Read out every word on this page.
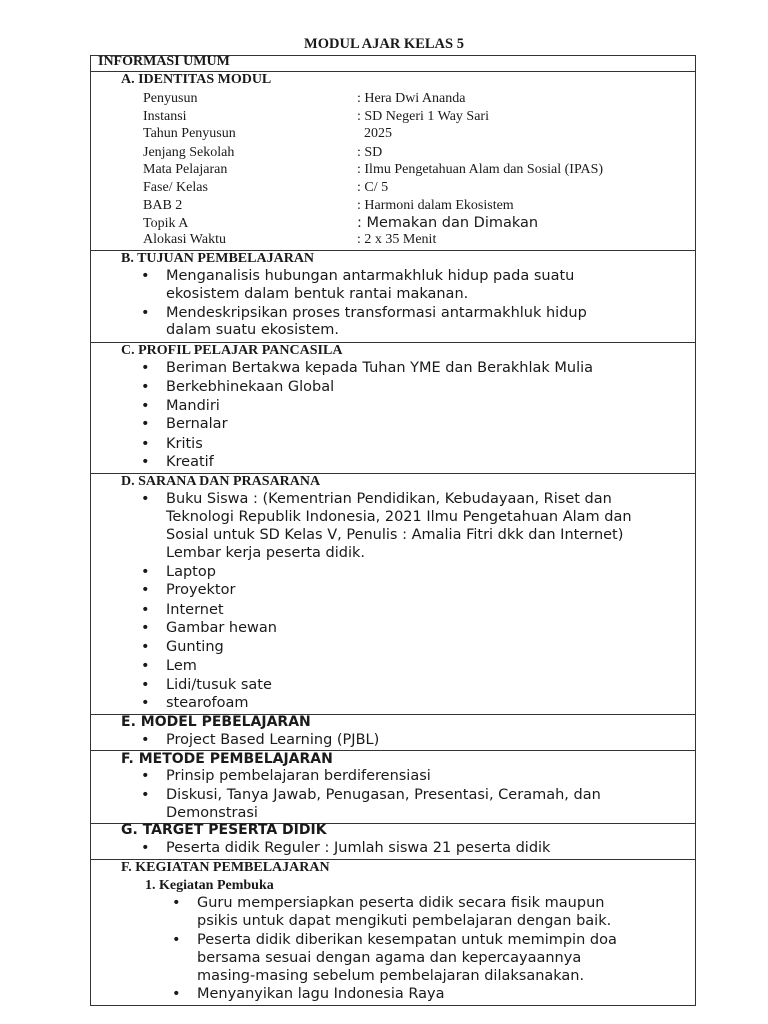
MODUL AJAR KELAS 5
INFORMASI UMUM
A. IDENTITAS MODUL
Penyusun	: Hera Dwi Ananda
Instansi	: SD Negeri 1 Way Sari
Tahun Penyusun	2025
Jenjang Sekolah	: SD
Mata Pelajaran	: Ilmu Pengetahuan Alam dan Sosial (IPAS)
Fase/ Kelas	: C/ 5
BAB 2	: Harmoni dalam Ekosistem
Topik A	: Memakan dan Dimakan
Alokasi Waktu	: 2 x 35 Menit
B. TUJUAN PEMBELAJARAN
• Menganalisis hubungan antarmakhluk hidup pada suatu
ekosistem dalam bentuk rantai makanan.
• Mendeskripsikan proses transformasi antarmakhluk hidup
dalam suatu ekosistem.
C. PROFIL PELAJAR PANCASILA
• Beriman Bertakwa kepada Tuhan YME dan Berakhlak Mulia
• Berkebhinekaan Global
• Mandiri
• Bernalar
• Kritis
• Kreatif
D. SARANA DAN PRASARANA
• Buku Siswa : (Kementrian Pendidikan, Kebudayaan, Riset dan
Teknologi Republik Indonesia, 2021 Ilmu Pengetahuan Alam dan
Sosial untuk SD Kelas V, Penulis : Amalia Fitri dkk dan Internet)
Lembar kerja peserta didik.
• Laptop
• Proyektor
• Internet
• Gambar hewan
• Gunting
• Lem
• Lidi/tusuk sate
• stearofoam
E. MODEL PEBELAJARAN
• Project Based Learning (PJBL)
F. METODE PEMBELAJARAN
• Prinsip pembelajaran berdiferensiasi
• Diskusi, Tanya Jawab, Penugasan, Presentasi, Ceramah, dan
Demonstrasi
G. TARGET PESERTA DIDIK
• Peserta didik Reguler : Jumlah siswa 21 peserta didik
F. KEGIATAN PEMBELAJARAN
1. Kegiatan Pembuka
• Guru mempersiapkan peserta didik secara fisik maupun
psikis untuk dapat mengikuti pembelajaran dengan baik.
• Peserta didik diberikan kesempatan untuk memimpin doa
bersama sesuai dengan agama dan kepercayaannya
masing-masing sebelum pembelajaran dilaksanakan.
• Menyanyikan lagu Indonesia Raya
